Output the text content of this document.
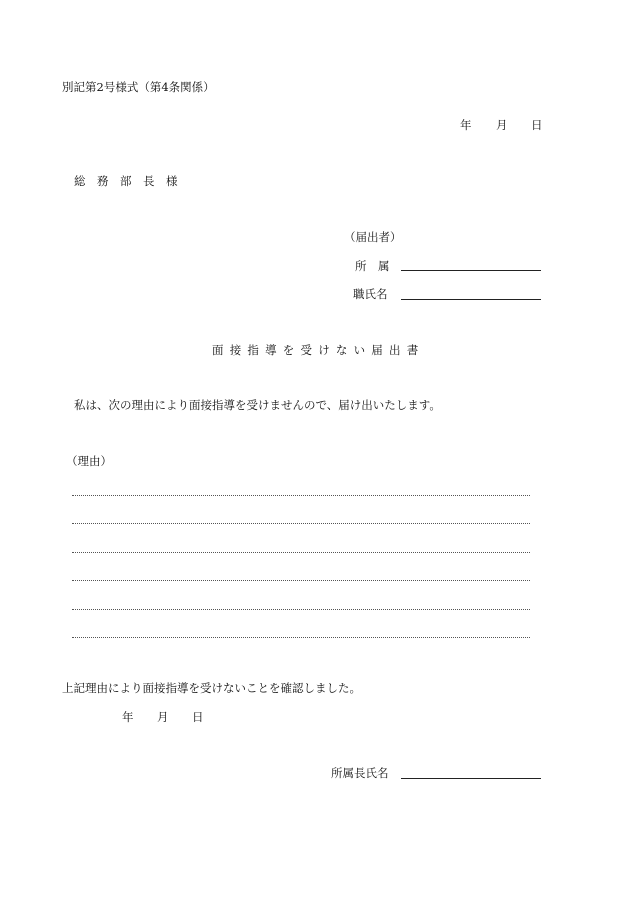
別記第2号様式（第4条関係）
年 月 日
総　務　部　長　様
（届出者）
所　属
職氏名
面接指導を受けない届出書
私は、次の理由により面接指導を受けませんので、届け出いたします。
（理由）
上記理由により面接指導を受けないことを確認しました。
年 月 日
所属長氏名
